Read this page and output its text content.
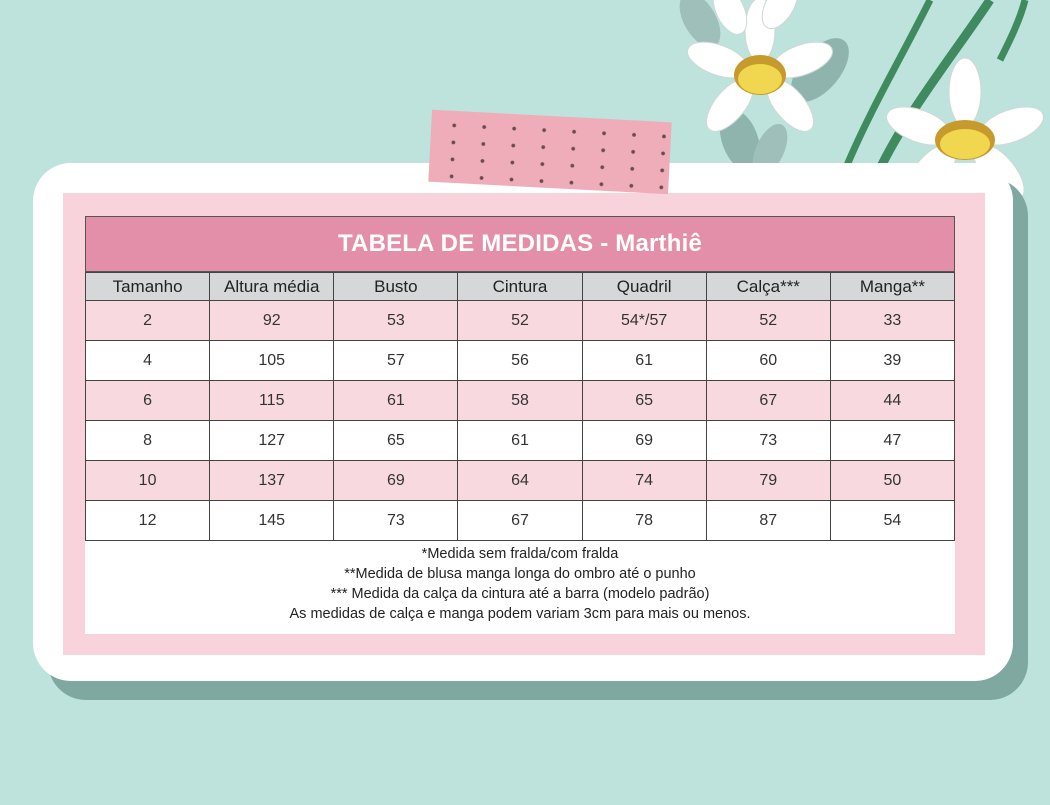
TABELA DE MEDIDAS - Marthiê
Tamanho	Altura média	Busto	Cintura	Quadril	Calça***	Manga**
2	92	53	52	54*/57	52	33
4	105	57	56	61	60	39
6	115	61	58	65	67	44
8	127	65	61	69	73	47
10	137	69	64	74	79	50
12	145	73	67	78	87	54
*Medida sem fralda/com fralda
**Medida de blusa manga longa do ombro até o punho
*** Medida da calça da cintura até a barra (modelo padrão)
As medidas de calça e manga podem variam 3cm para mais ou menos.
